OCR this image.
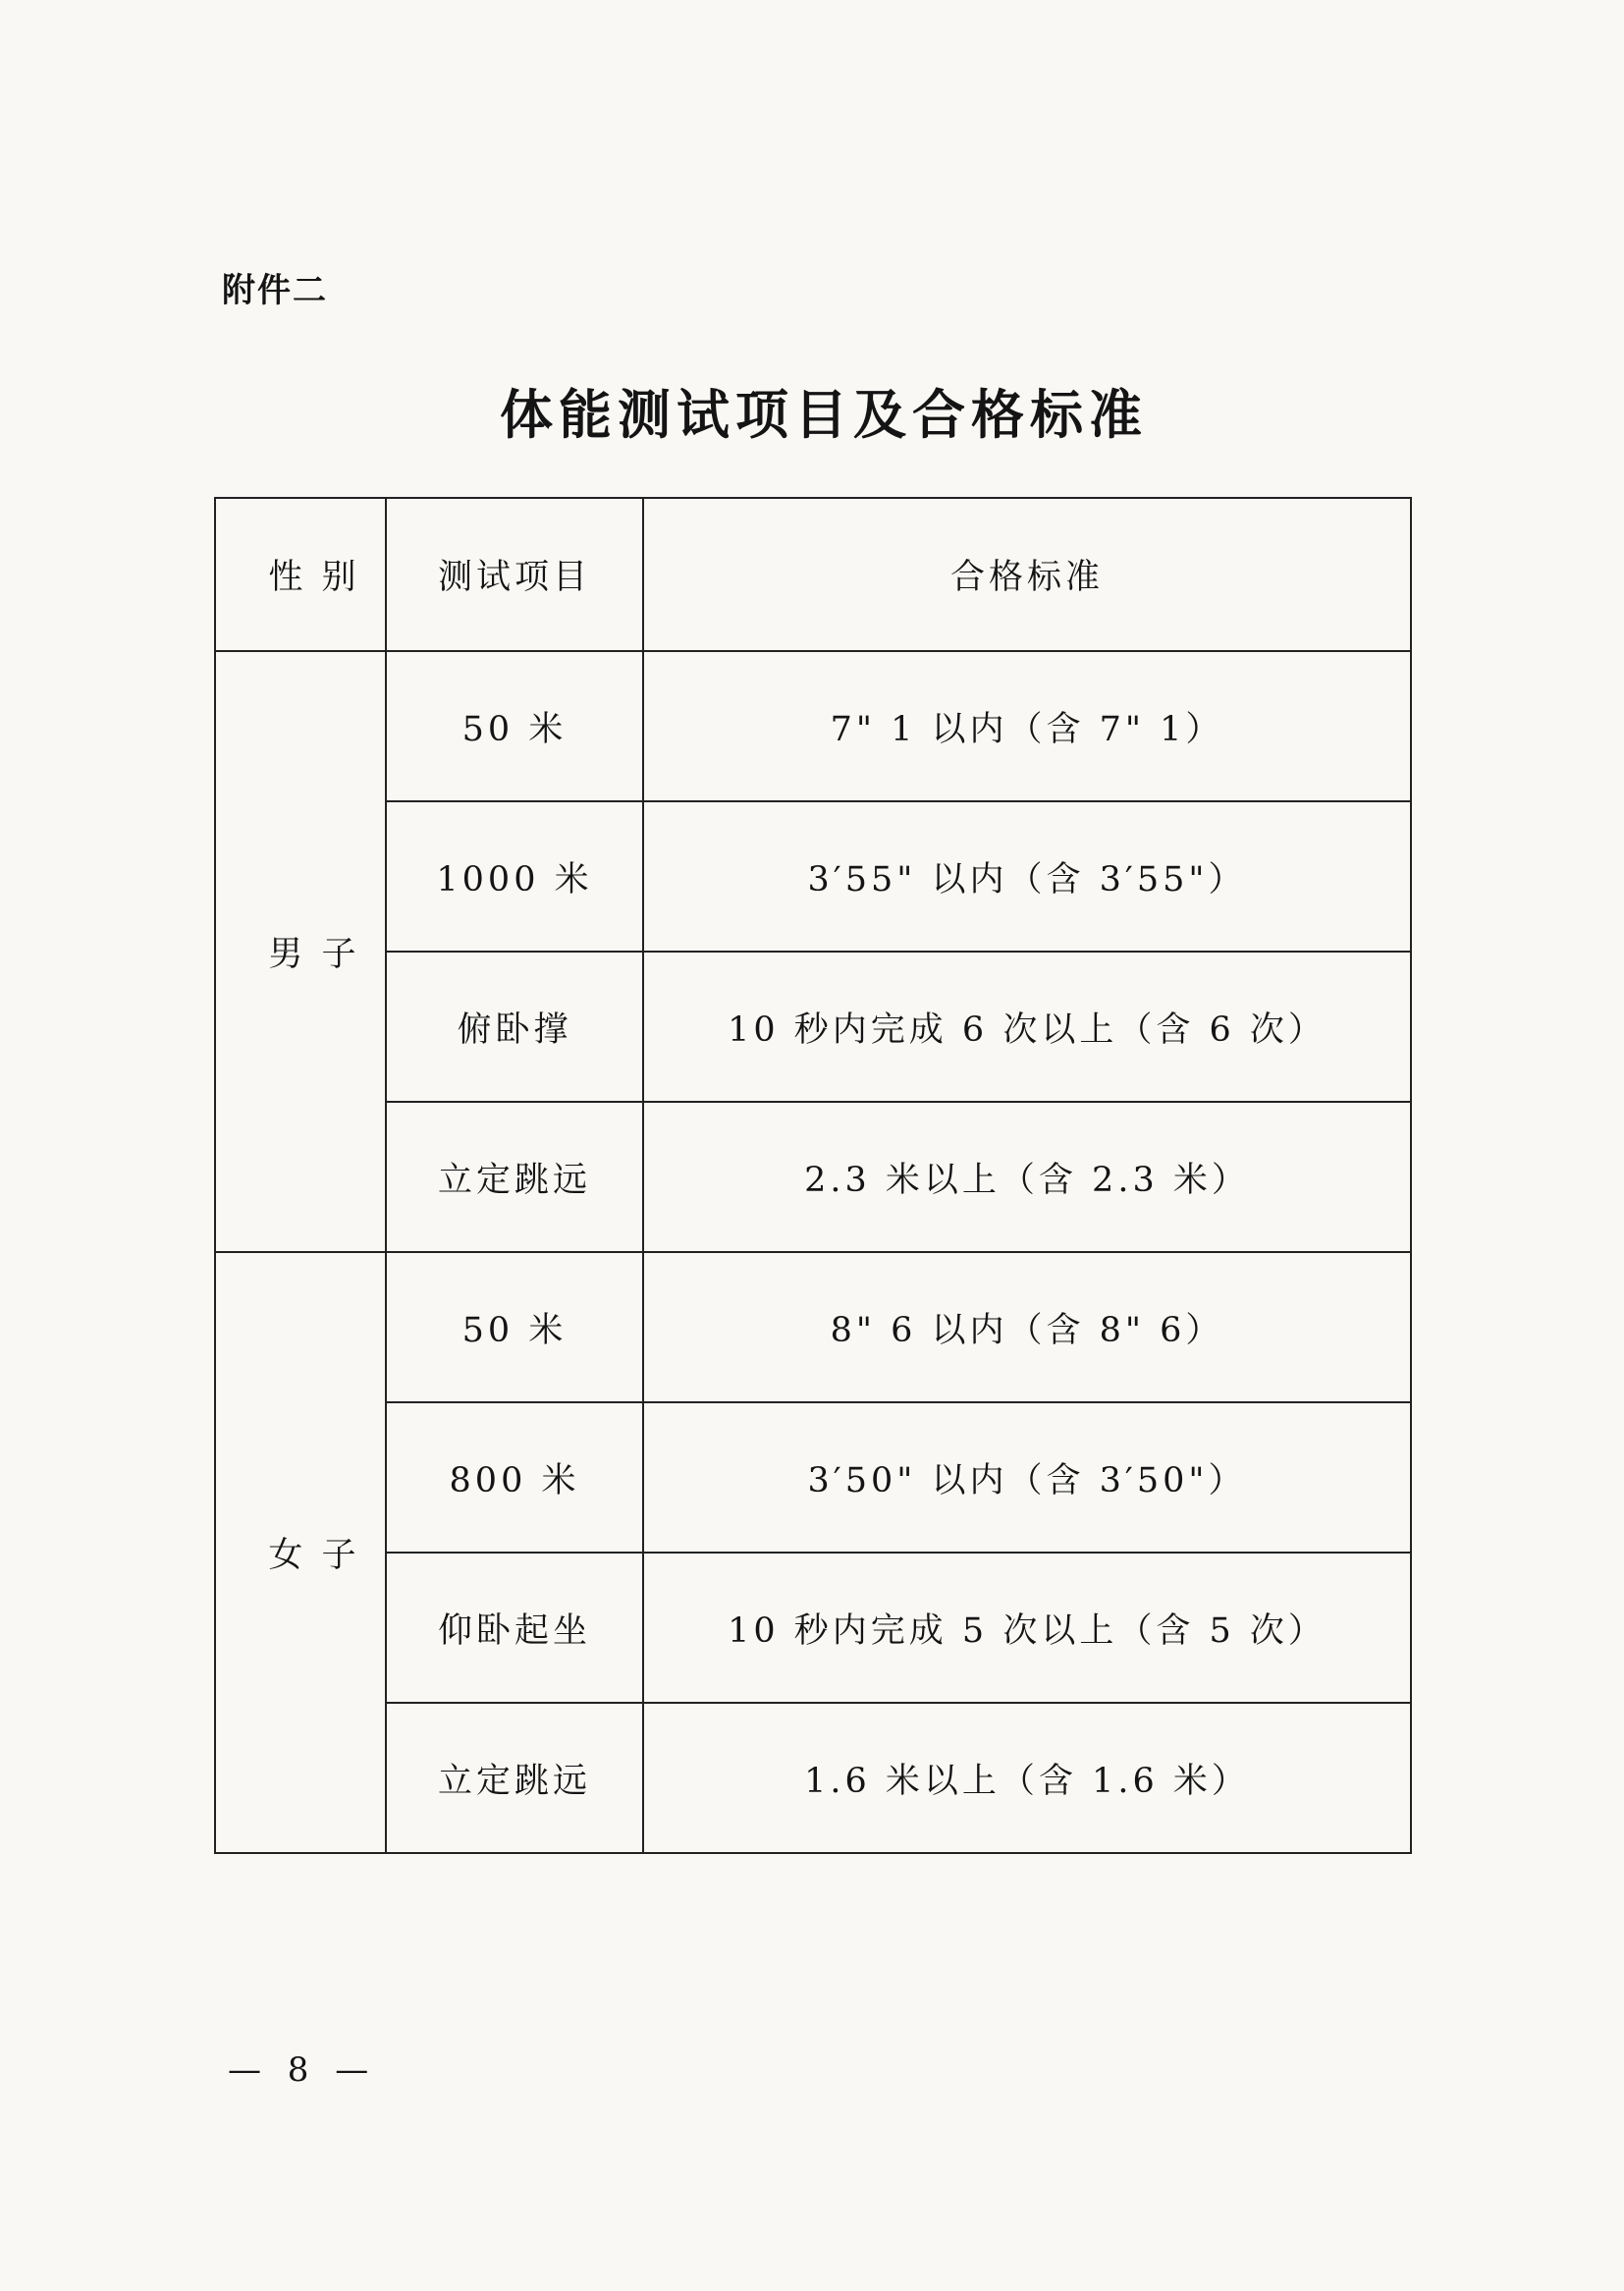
附件二
体能测试项目及合格标准
性 别	测试项目	合格标准
男 子	50 米	7" 1 以内（含 7" 1）
	1000 米	3′55" 以内（含 3′55"）
	俯卧撑	10 秒内完成 6 次以上（含 6 次）
	立定跳远	2.3 米以上（含 2.3 米）
女 子	50 米	8" 6 以内（含 8" 6）
	800 米	3′50" 以内（含 3′50"）
	仰卧起坐	10 秒内完成 5 次以上（含 5 次）
	立定跳远	1.6 米以上（含 1.6 米）
— 8 —
